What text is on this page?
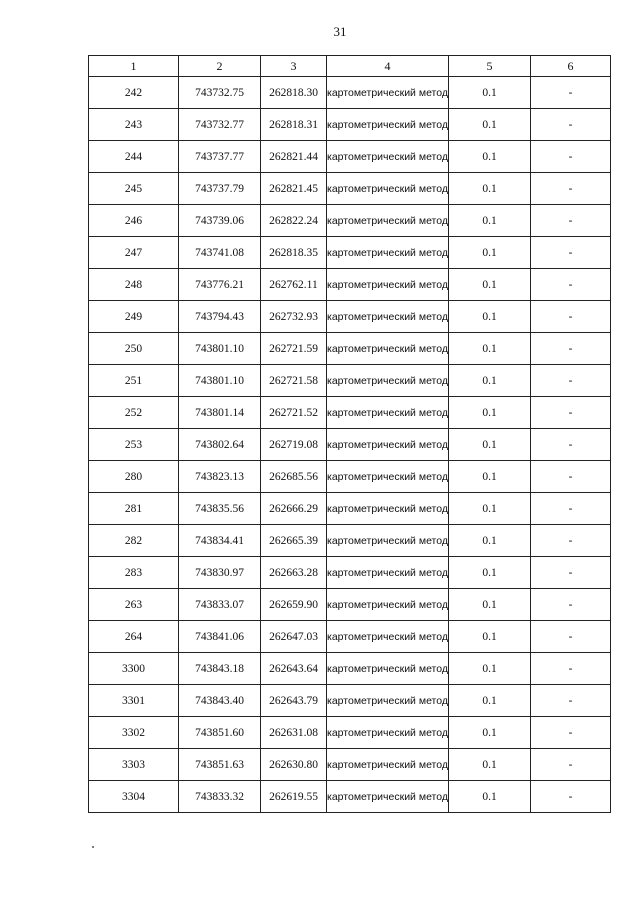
31
1	2	3	4	5	6
242	743732.75	262818.30	картометрический метод	0.1	-
243	743732.77	262818.31	картометрический метод	0.1	-
244	743737.77	262821.44	картометрический метод	0.1	-
245	743737.79	262821.45	картометрический метод	0.1	-
246	743739.06	262822.24	картометрический метод	0.1	-
247	743741.08	262818.35	картометрический метод	0.1	-
248	743776.21	262762.11	картометрический метод	0.1	-
249	743794.43	262732.93	картометрический метод	0.1	-
250	743801.10	262721.59	картометрический метод	0.1	-
251	743801.10	262721.58	картометрический метод	0.1	-
252	743801.14	262721.52	картометрический метод	0.1	-
253	743802.64	262719.08	картометрический метод	0.1	-
280	743823.13	262685.56	картометрический метод	0.1	-
281	743835.56	262666.29	картометрический метод	0.1	-
282	743834.41	262665.39	картометрический метод	0.1	-
283	743830.97	262663.28	картометрический метод	0.1	-
263	743833.07	262659.90	картометрический метод	0.1	-
264	743841.06	262647.03	картометрический метод	0.1	-
3300	743843.18	262643.64	картометрический метод	0.1	-
3301	743843.40	262643.79	картометрический метод	0.1	-
3302	743851.60	262631.08	картометрический метод	0.1	-
3303	743851.63	262630.80	картометрический метод	0.1	-
3304	743833.32	262619.55	картометрический метод	0.1	-
